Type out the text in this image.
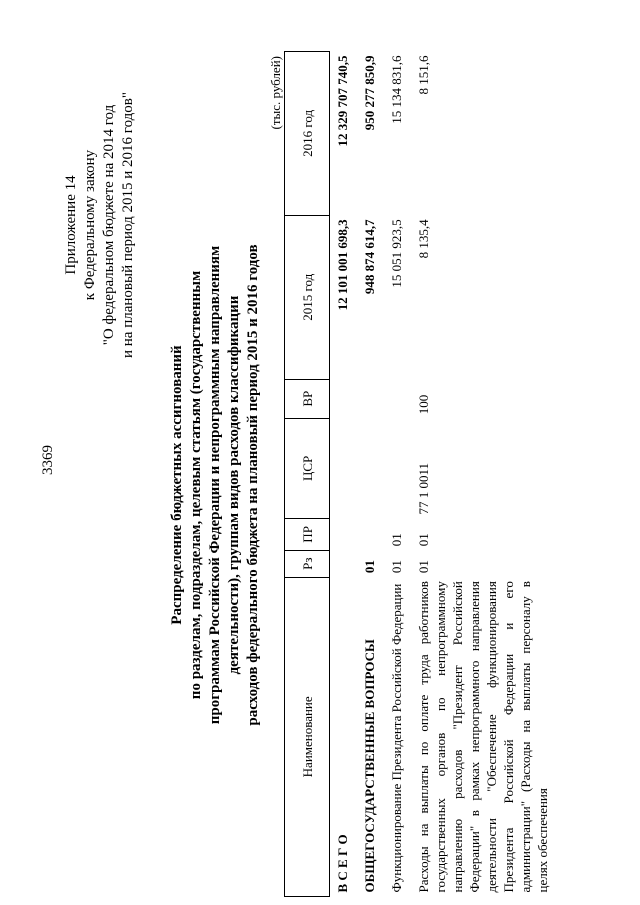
3369
Приложение 14 к Федеральному закону "О федеральном бюджете на 2014 год и на плановый период 2015 и 2016 годов"
Распределение бюджетных ассигнований по разделам, подразделам, целевым статьям (государственным программам Российской Федерации и непрограммным направлениям деятельности), группам видов расходов классификации расходов федерального бюджета на плановый период 2015 и 2016 годов
(тыс. рублей)
Наименование	Рз	ПР	ЦСР	ВР	2015 год	2016 год
В С Е Г О					12 101 001 698,3	12 329 707 740,5
ОБЩЕГОСУДАРСТВЕННЫЕ ВОПРОСЫ	01				948 874 614,7	950 277 850,9
Функционирование Президента Российской Федерации	01	01			15 051 923,5	15 134 831,6
Расходы на выплаты по оплате труда работников государственных органов по непрограммному направлению расходов "Президент Российской Федерации" в рамках непрограммного направления деятельности "Обеспечение функционирования Президента Российской Федерации и его администрации" (Расходы на выплаты персоналу в целях обеспечения	01	01	77 1 0011	100	8 135,4	8 151,6
